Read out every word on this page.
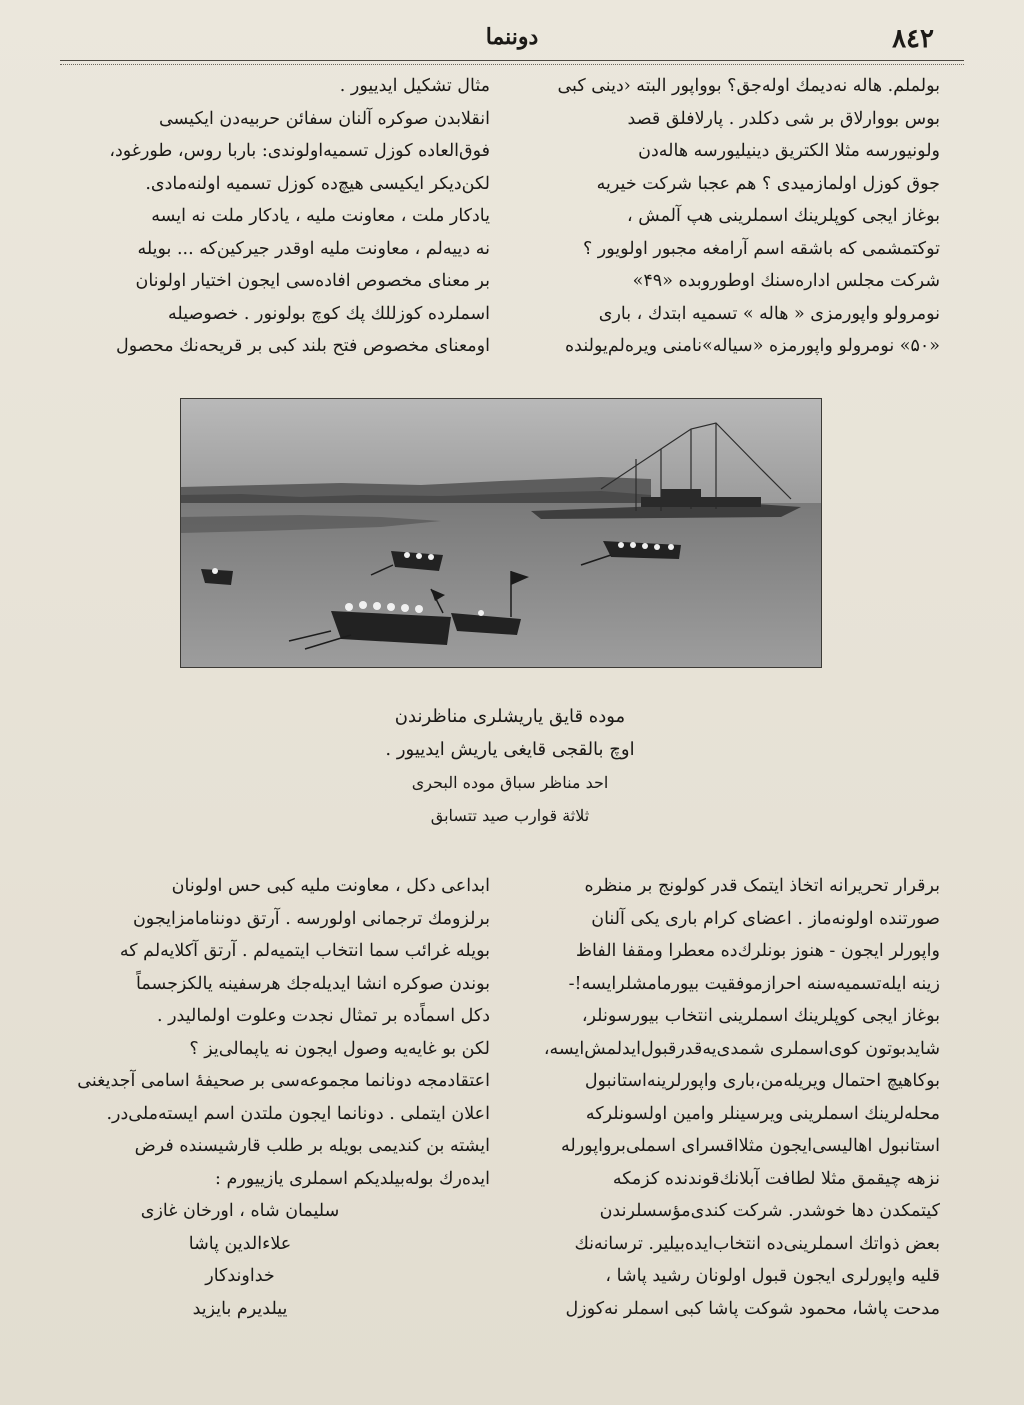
٨٤٢
دوننما
بولملم. هاله نه‌دیمك اوله‌جق؟ بوواپور البته ‹دینی کبی
بوس بووارلاق بر شی دکلدر . پارلافلق قصد
ولونیورسه مثلا الکتریق دینیلیورسه هاله‌دن
جوق کوزل اولمازمیدی ؟ هم عجبا شرکت خیریه
بوغاز ایجی کوپلرینك اسملرینی هپ آلمش ،
توکتمشمی که باشقه اسم آرامغه مجبور اولویور ؟
شرکت مجلس اداره‌سنك اوطوروبده «۴۹»
نومرولو واپورمزی « هاله » تسمیه ابتدك ، باری
«۵۰» نومرولو واپورمزه «سیاله»نامنی ویره‌لم‌یولنده
مثال تشکیل ایدییور .
انقلابدن صوکره آلنان سفائن حربیه‌دن ایکیسی
فوق‌العاده کوزل تسمیه‌اولوندی: باربا روس، طورغود،
لکن‌دیکر ایکیسی هیچ‌ده کوزل تسمیه اولنه‌مادی.
یادکار ملت ، معاونت ملیه ، یادکار ملت نه ایسه
نه دییه‌لم ، معاونت ملیه اوقدر جیرکین‌که ... بویله
بر معنای مخصوص افاده‌سی ایجون اختیار اولونان
اسملرده کوزللك پك کوچ بولونور . خصوصیله
اومعنای مخصوص فتح بلند کبی بر قریحه‌نك محصول
موده قایق یاریشلری مناظرندن
اوچ بالقجی قایغی یاریش ایدییور .
احد مناظر سباق موده البحری
ثلاثة قوارب صيد تتسابق
برقرار تحریرانه اتخاذ ایتمک قدر کولونج بر منظره
صورتنده اولونه‌ماز . اعضای کرام باری یکی آلنان
واپورلر ایجون - هنوز بونلرك‌ده معطرا ومقفا الفاظ
زینه ایله‌تسمیه‌سنه احرازموفقیت بیورمامشلرایسه!-
بوغاز ایجی کوپلرینك اسملرینی انتخاب بیورسونلر،
شایدبوتون کوی‌اسملری شمدی‌یه‌قدرقبول‌ایدلمش‌ایسه،
بوکاهیچ احتمال ویریله‌من،باری واپورلرینه‌استانبول
محله‌لرینك اسملرینی ویرسینلر وامین اولسونلرکه
استانبول اهالیسی‌ایجون مثلااقسرای اسملی‌برواپورله
نزهه چیقمق مثلا لطافت آبلانك‌قوندنده کزمکه
کیتمکدن دها خوشدر. شرکت کندی‌مؤسسلرندن
بعض ذواتك اسملرینی‌ده انتخاب‌ایده‌بیلیر. ترسانه‌نك
قلیه واپورلری ایجون قبول اولونان رشید پاشا ،
مدحت پاشا، محمود شوکت پاشا کبی اسملر نه‌کوزل
ابداعی دکل ، معاونت ملیه کبی حس اولونان
برلزومك ترجمانی اولورسه . آرتق دوننامامزایجون
بویله غرائب سما انتخاب ایتمیه‌لم . آرتق آکلایه‌لم که
بوندن صوکره انشا ایدیله‌جك هرسفینه یالکزجسماً
دکل اسماً‌ده بر تمثال نجدت وعلوت اولمالیدر .
لکن بو غایه‌یه وصول ایجون نه یاپمالی‌یز ؟
اعتقادمجه دونانما مجموعه‌سی بر صحیفهٔ اسامی آجدیغنی
اعلان ایتملی . دونانما ایجون ملتدن اسم ایسته‌ملی‌در.
ایشته بن کندیمی بویله بر طلب قارشیسنده فرض
ایده‌رك بوله‌بیلدیکم اسملری یازییورم :
سلیمان شاه ، اورخان غازی
علاءالدین پاشا
خداوندکار
ییلدیرم بایزید
